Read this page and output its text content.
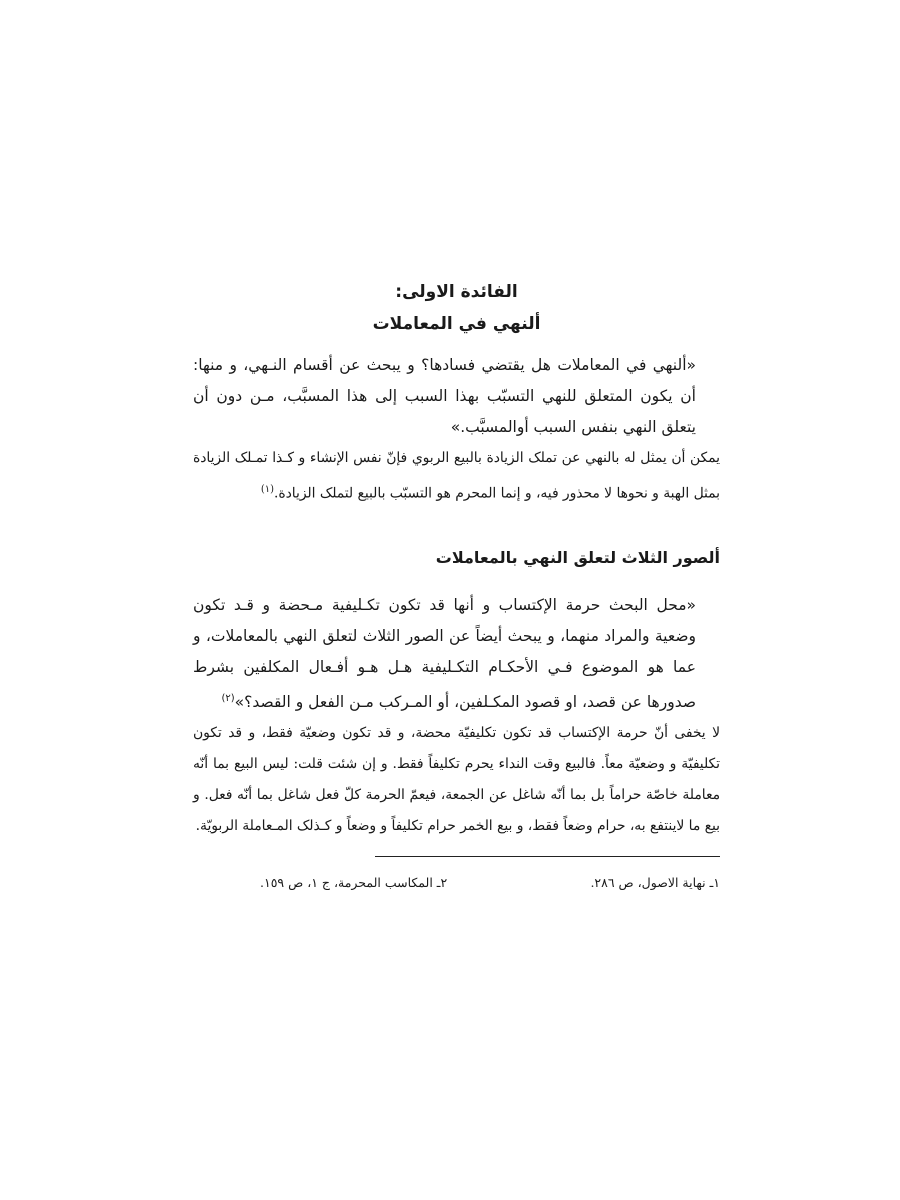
الفائدة الاولی:
ألنهي في المعاملات

«ألنهي في المعاملات هل يقتضي فسادها؟ و يبحث عن أقسام النـهي، و منها: أن يكون المتعلق للنهي التسبّب بهذا السبب إلى هذا المسبَّب، مـن دون أن يتعلق النهي بنفس السبب أوالمسبَّب.»

يمکن أن يمثل له بالنهي عن تملک الزيادة بالبيع الربوي فإنّ نفس الإنشاء و کـذا تمـلک الزيادة بمثل الهبة و نحوها لا محذور فيه، و إنما المحرم هو التسبّب بالبيع لتملک الزيادة.$^{(۱)}$

ألصور الثلاث لتعلق النهي بالمعاملات

«محل البحث حرمة الإکتساب و أنها قد تکون تکـليفية مـحضة و قـد تکون وضعية والمراد منهما، و يبحث أيضاً عن الصور الثلاث لتعلق النهي بالمعاملات، و عما هو الموضوع فـي الأحکـام التکـليفية هـل هـو أفـعال المکلفين بشرط صدورها عن قصد، او قصود المکـلفين، أو المـرکب مـن الفعل و القصد؟»$^{(۲)}$

لا يخفى أنّ حرمة الإکتساب قد تکون تکليفيّة محضة، و قد تکون وضعيّة فقط، و قد تکون تکليفيّة و وضعيّة معاً. فالبيع وقت النداء يحرم تکليفاً فقط. و إن شئت قلت: ليس البيع بما أنّه معاملة خاصّة حراماً بل بما أنّه شاغل عن الجمعة، فيعمّ الحرمة کلّ فعل شاغل بما أنّه فعل. و بيع ما لاينتفع به، حرام وضعاً فقط، و بيع الخمر حرام تکليفاً و وضعاً و کـذلک المـعاملة الربويّة.

١ـ نهاية الاصول، ص ٢٨٦.
٢ـ المکاسب المحرمة، ج ١، ص ١٥٩.
